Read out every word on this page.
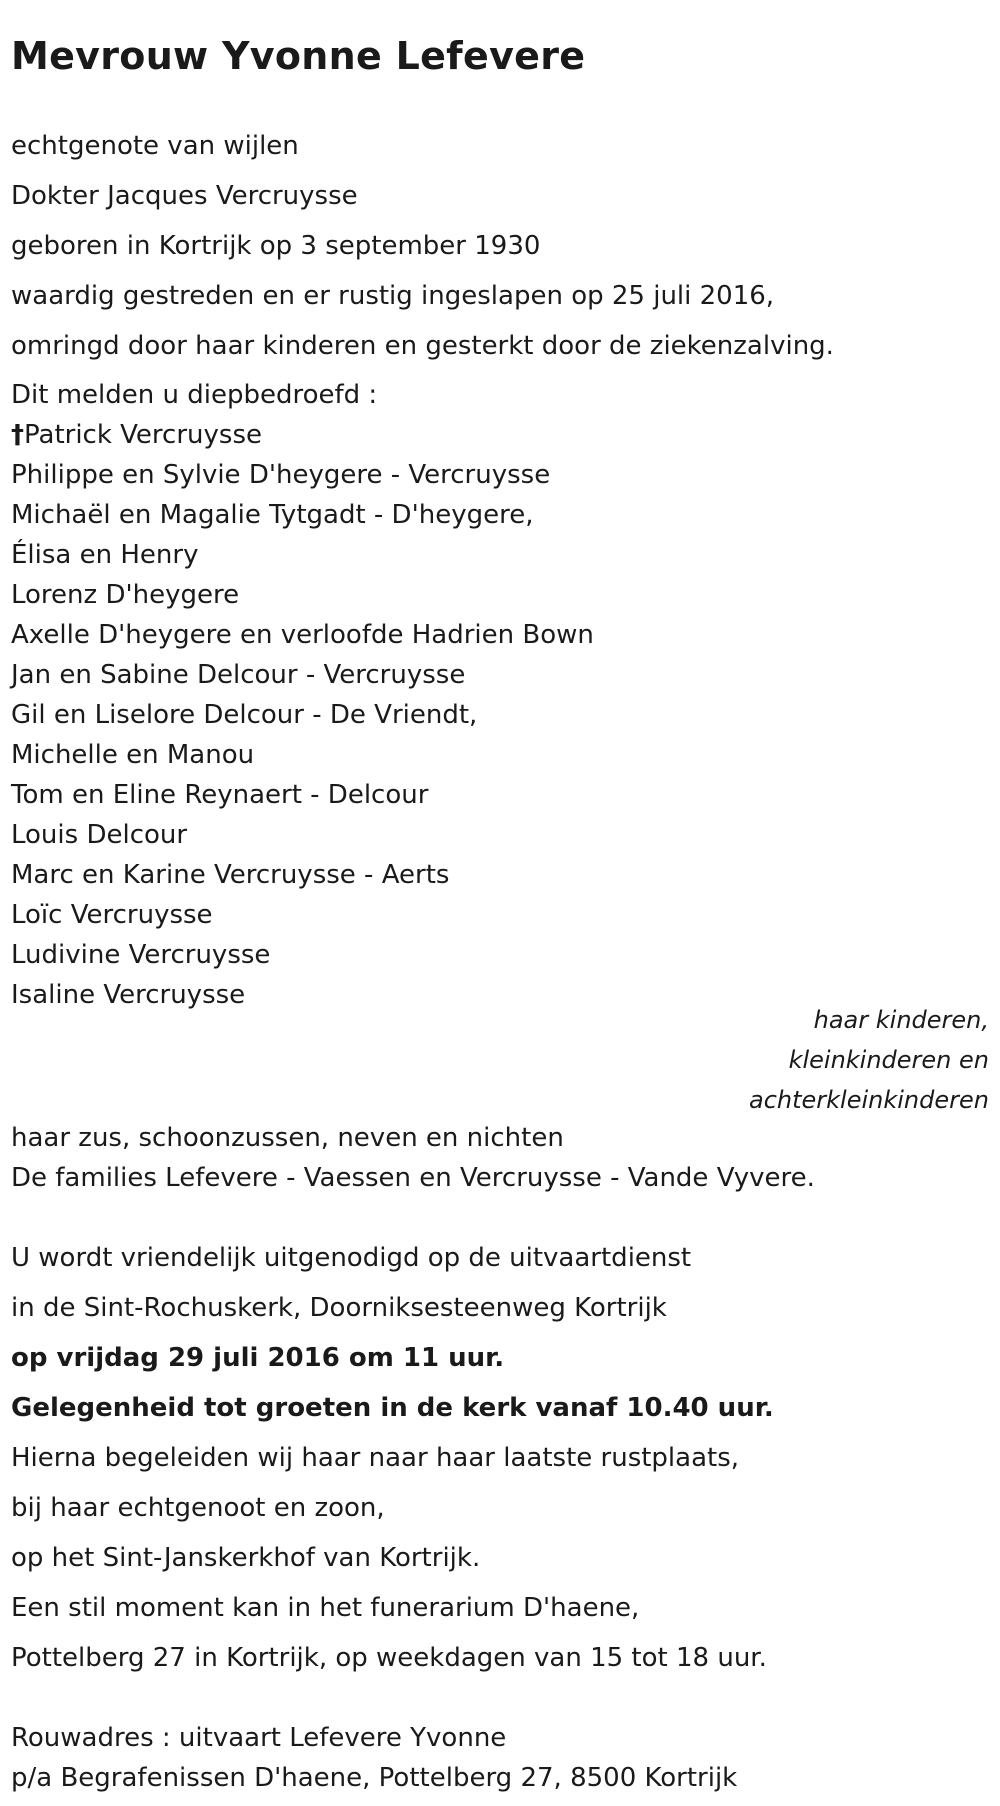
Mevrouw Yvonne Lefevere
echtgenote van wijlen
Dokter Jacques Vercruysse
geboren in Kortrijk op 3 september 1930
waardig gestreden en er rustig ingeslapen op 25 juli 2016,
omringd door haar kinderen en gesterkt door de ziekenzalving.
Dit melden u diepbedroefd :
†Patrick Vercruysse
Philippe en Sylvie D'heygere - Vercruysse
Michaël en Magalie Tytgadt - D'heygere,
Élisa en Henry
Lorenz D'heygere
Axelle D'heygere en verloofde Hadrien Bown
Jan en Sabine Delcour - Vercruysse
Gil en Liselore Delcour - De Vriendt,
Michelle en Manou
Tom en Eline Reynaert - Delcour
Louis Delcour
Marc en Karine Vercruysse - Aerts
Loïc Vercruysse
Ludivine Vercruysse
Isaline Vercruysse
haar kinderen,
kleinkinderen en
achterkleinkinderen
haar zus, schoonzussen, neven en nichten
De families Lefevere - Vaessen en Vercruysse - Vande Vyvere.
U wordt vriendelijk uitgenodigd op de uitvaartdienst
in de Sint-Rochuskerk, Doorniksesteenweg Kortrijk
op vrijdag 29 juli 2016 om 11 uur.
Gelegenheid tot groeten in de kerk vanaf 10.40 uur.
Hierna begeleiden wij haar naar haar laatste rustplaats,
bij haar echtgenoot en zoon,
op het Sint-Janskerkhof van Kortrijk.
Een stil moment kan in het funerarium D'haene,
Pottelberg 27 in Kortrijk, op weekdagen van 15 tot 18 uur.
Rouwadres : uitvaart Lefevere Yvonne
p/a Begrafenissen D'haene, Pottelberg 27, 8500 Kortrijk
